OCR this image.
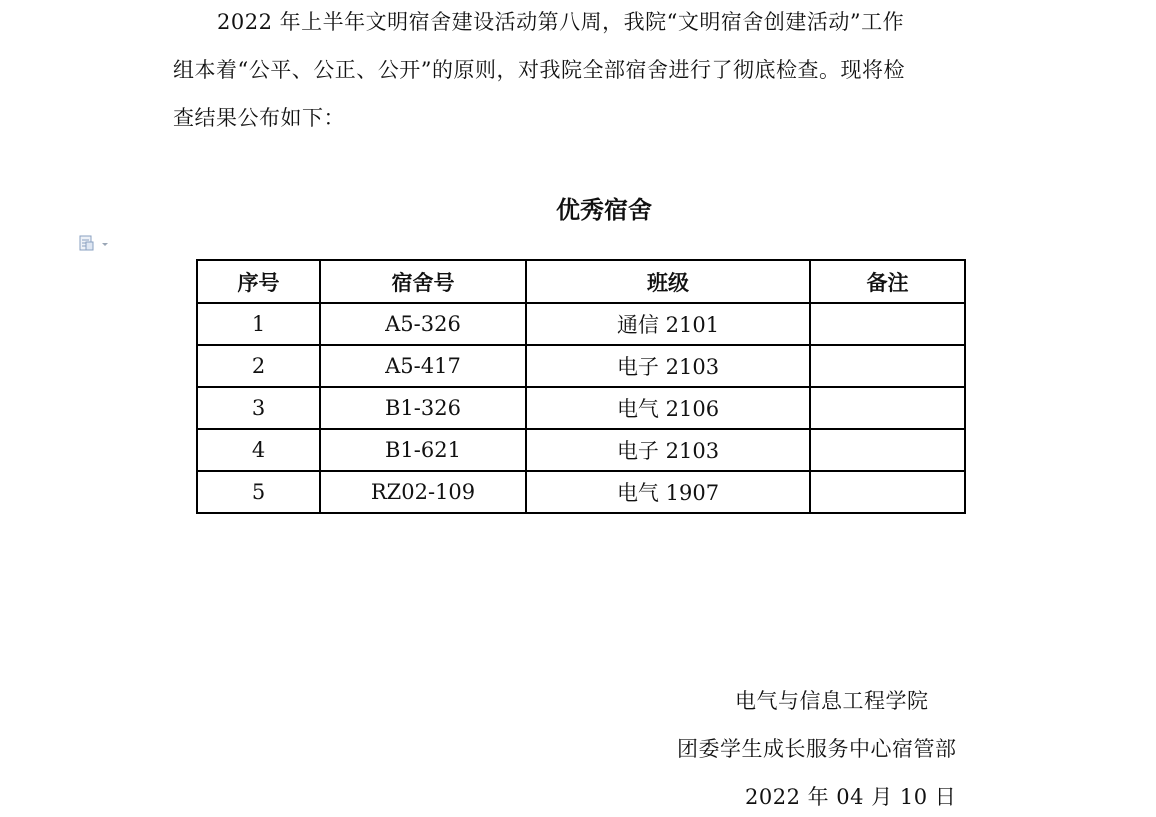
2022 年上半年文明宿舍建设活动第八周，我院“文明宿舍创建活动”工作
组本着“公平、公正、公开”的原则，对我院全部宿舍进行了彻底检查。现将检
查结果公布如下：
优秀宿舍
序号	宿舍号	班级	备注
1	A5-326	通信 2101	
2	A5-417	电子 2103	
3	B1-326	电气 2106	
4	B1-621	电子 2103	
5	RZ02-109	电气 1907	
电气与信息工程学院
团委学生成长服务中心宿管部
2022 年 04 月 10 日
